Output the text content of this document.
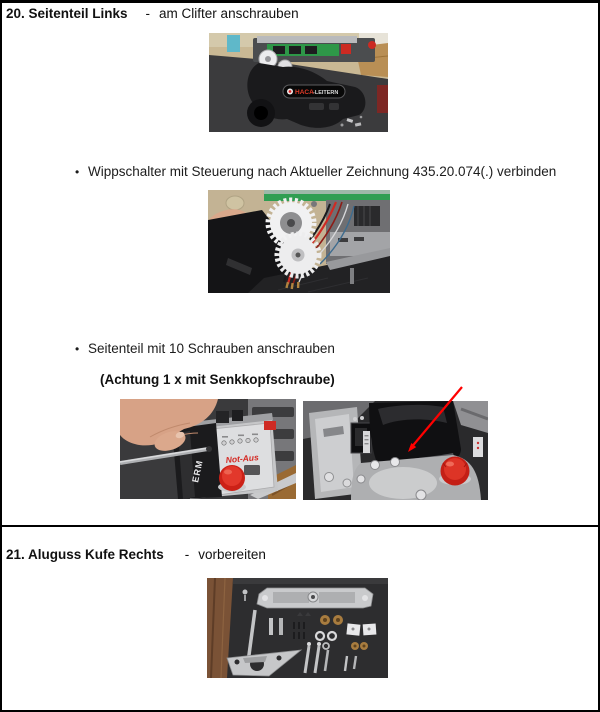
20. Seitenteil Links - am Clifter anschrauben
HACA -LEITERN
• Wippschalter mit Steuerung nach Aktueller Zeichnung 435.20.074(.) verbinden
• Seitenteil mit 10 Schrauben anschrauben
(Achtung 1 x mit Senkkopfschraube)
ERM
Not-Aus
21. Aluguss Kufe Rechts - vorbereiten
